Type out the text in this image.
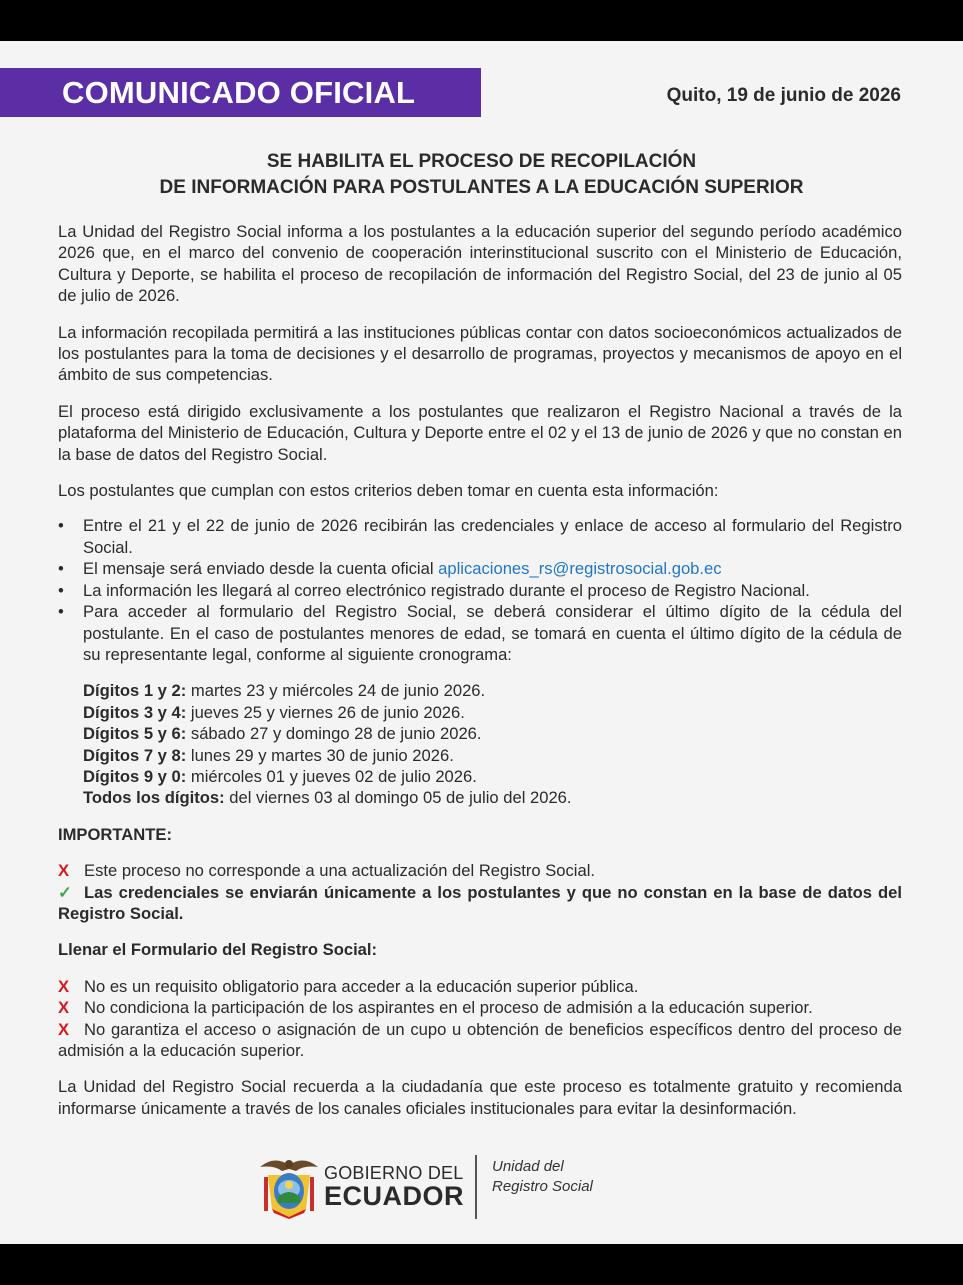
COMUNICADO OFICIAL	Quito, 19 de junio de 2026
SE HABILITA EL PROCESO DE RECOPILACIÓN
DE INFORMACIÓN PARA POSTULANTES A LA EDUCACIÓN SUPERIOR

La Unidad del Registro Social informa a los postulantes a la educación superior del segundo período académico 2026 que, en el marco del convenio de cooperación interinstitucional suscrito con el Ministerio de Educación, Cultura y Deporte, se habilita el proceso de recopilación de información del Registro Social, del 23 de junio al 05 de julio de 2026.

La información recopilada permitirá a las instituciones públicas contar con datos socioeconómicos actualizados de los postulantes para la toma de decisiones y el desarrollo de programas, proyectos y mecanismos de apoyo en el ámbito de sus competencias.

El proceso está dirigido exclusivamente a los postulantes que realizaron el Registro Nacional a través de la plataforma del Ministerio de Educación, Cultura y Deporte entre el 02 y el 13 de junio de 2026 y que no constan en la base de datos del Registro Social.

Los postulantes que cumplan con estos criterios deben tomar en cuenta esta información:

• Entre el 21 y el 22 de junio de 2026 recibirán las credenciales y enlace de acceso al formulario del Registro Social.
• El mensaje será enviado desde la cuenta oficial aplicaciones_rs@registrosocial.gob.ec
• La información les llegará al correo electrónico registrado durante el proceso de Registro Nacional.
• Para acceder al formulario del Registro Social, se deberá considerar el último dígito de la cédula del postulante. En el caso de postulantes menores de edad, se tomará en cuenta el último dígito de la cédula de su representante legal, conforme al siguiente cronograma:
Dígitos 1 y 2: martes 23 y miércoles 24 de junio 2026.
Dígitos 3 y 4: jueves 25 y viernes 26 de junio 2026.
Dígitos 5 y 6: sábado 27 y domingo 28 de junio 2026.
Dígitos 7 y 8: lunes 29 y martes 30 de junio 2026.
Dígitos 9 y 0: miércoles 01 y jueves 02 de julio 2026.
Todos los dígitos: del viernes 03 al domingo 05 de julio del 2026.
IMPORTANTE:
X Este proceso no corresponde a una actualización del Registro Social.
✓ Las credenciales se enviarán únicamente a los postulantes y que no constan en la base de datos del Registro Social.
Llenar el Formulario del Registro Social:
X No es un requisito obligatorio para acceder a la educación superior pública.
X No condiciona la participación de los aspirantes en el proceso de admisión a la educación superior.
X No garantiza el acceso o asignación de un cupo u obtención de beneficios específicos dentro del proceso de admisión a la educación superior.

La Unidad del Registro Social recuerda a la ciudadanía que este proceso es totalmente gratuito y recomienda informarse únicamente a través de los canales oficiales institucionales para evitar la desinformación.

GOBIERNO DEL
ECUADOR
Unidad del
Registro Social
